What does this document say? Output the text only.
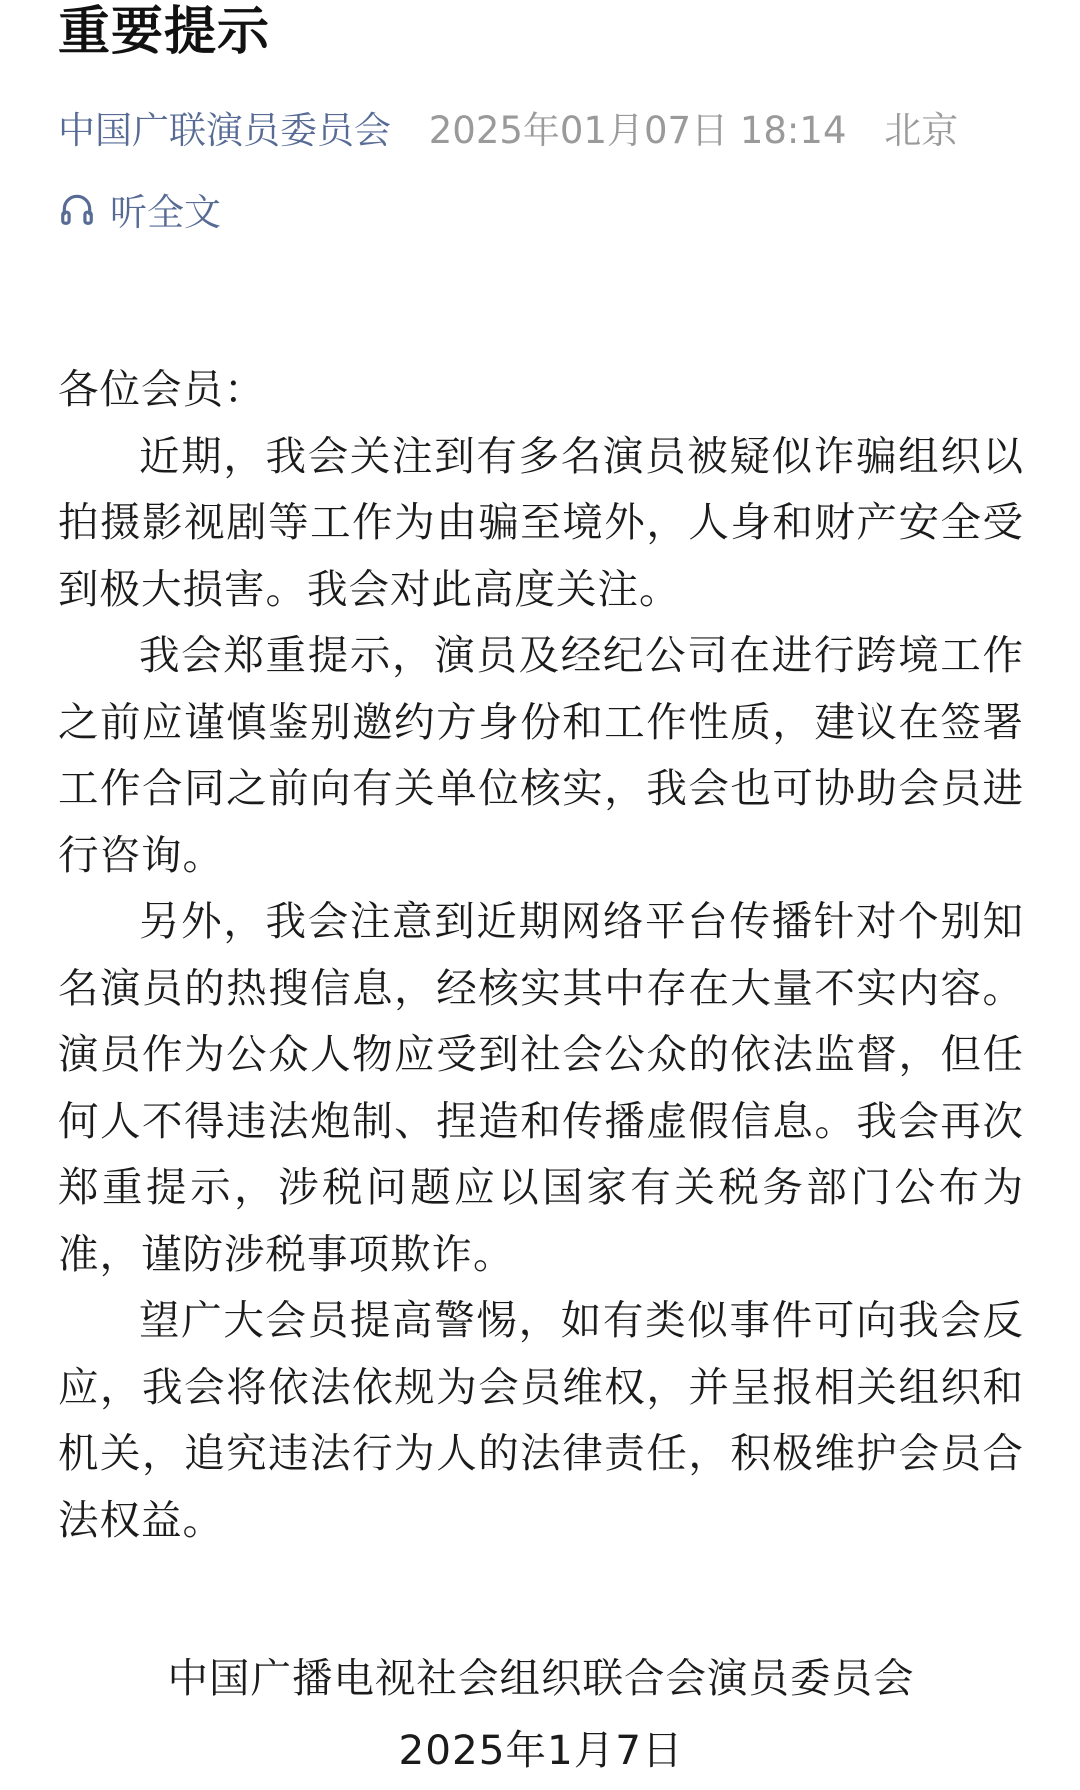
重要提示
中国广联演员委员会 2025年01月07日 18:14 北京
听全文

各位会员：

近期，我会关注到有多名演员被疑似诈骗组织以拍摄影视剧等工作为由骗至境外，人身和财产安全受到极大损害。我会对此高度关注。

我会郑重提示，演员及经纪公司在进行跨境工作之前应谨慎鉴别邀约方身份和工作性质，建议在签署工作合同之前向有关单位核实，我会也可协助会员进行咨询。

另外，我会注意到近期网络平台传播针对个别知名演员的热搜信息，经核实其中存在大量不实内容。演员作为公众人物应受到社会公众的依法监督，但任何人不得违法炮制、捏造和传播虚假信息。我会再次郑重提示，涉税问题应以国家有关税务部门公布为准，谨防涉税事项欺诈。

望广大会员提高警惕，如有类似事件可向我会反应，我会将依法依规为会员维权，并呈报相关组织和机关，追究违法行为人的法律责任，积极维护会员合法权益。

中国广播电视社会组织联合会演员委员会
2025年1月7日
